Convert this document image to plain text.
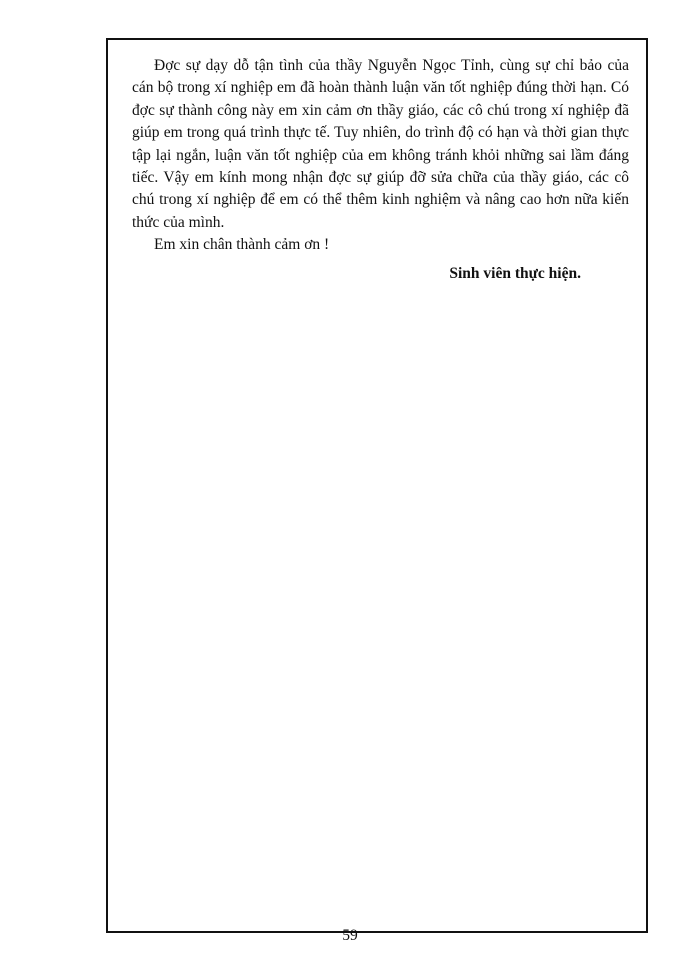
Đợc sự dạy dỗ tận tình của thầy Nguyễn Ngọc Tỉnh, cùng sự chỉ bảo của cán bộ trong xí nghiệp em đã hoàn thành luận văn tốt nghiệp đúng thời hạn. Có đợc sự thành công này em xin cảm ơn thầy giáo, các cô chú trong xí nghiệp đã giúp em trong quá trình thực tế. Tuy nhiên, do trình độ có hạn và thời gian thực tập lại ngắn, luận văn tốt nghiệp của em không tránh khỏi những sai lầm đáng tiếc. Vậy em kính mong nhận đợc sự giúp đỡ sửa chữa của thầy giáo, các cô chú trong xí nghiệp để em có thể thêm kinh nghiệm và nâng cao hơn nữa kiến thức của mình.

Em xin chân thành cảm ơn !

Sinh viên thực hiện.

59
